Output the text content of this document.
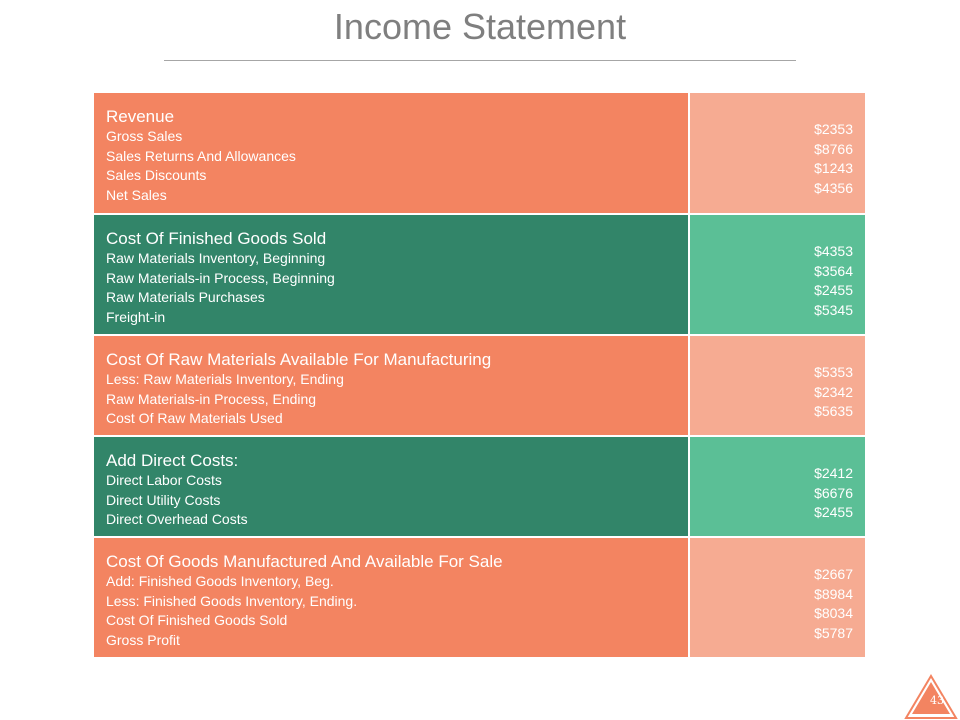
Income Statement
Revenue
Gross Sales
Sales Returns And Allowances
Sales Discounts
Net Sales
$2353
$8766
$1243
$4356
Cost Of Finished Goods Sold
Raw Materials Inventory, Beginning
Raw Materials-in Process, Beginning
Raw Materials Purchases
Freight-in
$4353
$3564
$2455
$5345
Cost Of Raw Materials Available For Manufacturing
Less: Raw Materials Inventory, Ending
Raw Materials-in Process, Ending
Cost Of Raw Materials Used
$5353
$2342
$5635
Add Direct Costs:
Direct Labor Costs
Direct Utility Costs
Direct Overhead Costs
$2412
$6676
$2455
Cost Of Goods Manufactured And Available For Sale
Add: Finished Goods Inventory, Beg.
Less: Finished Goods Inventory, Ending.
Cost Of Finished Goods Sold
Gross Profit
$2667
$8984
$8034
$5787
43
